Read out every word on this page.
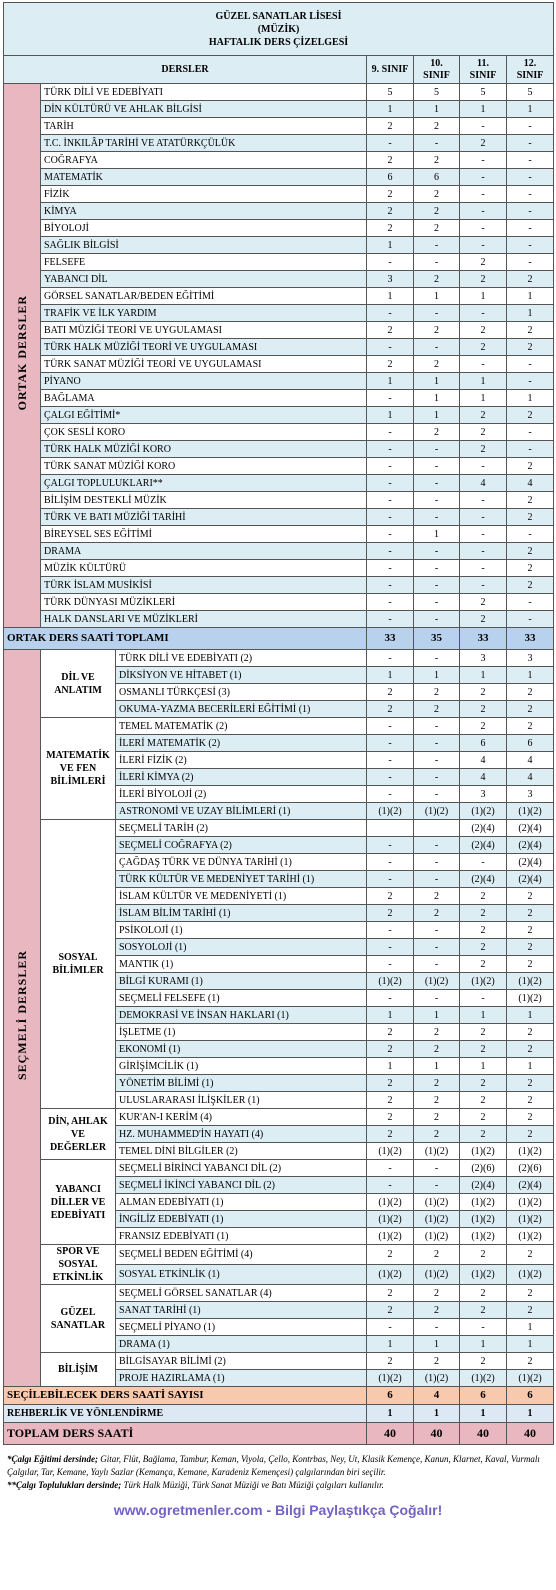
GÜZEL SANATLAR LİSESİ
(MÜZİK)
HAFTALIK DERS ÇİZELGESİ						

DERSLER			9. SINIF	10. SINIF	11. SINIF	12. SINIF
ORTAK DERSLER	TÜRK DİLİ VE EDEBİYATI		5	5	5	5
	DİN KÜLTÜRÜ VE AHLAK BİLGİSİ		1	1	1	1
	TARİH		2	2	-	-
	T.C. İNKILÂP TARİHİ VE ATATÜRKÇÜLÜK		-	-	2	-
	COĞRAFYA		2	2	-	-
	MATEMATİK		6	6	-	-
	FİZİK		2	2	-	-
	KİMYA		2	2	-	-
	BİYOLOJİ		2	2	-	-
	SAĞLIK BİLGİSİ		1	-	-	-
	FELSEFE		-	-	2	-
	YABANCI DİL		3	2	2	2
	GÖRSEL SANATLAR/BEDEN EĞİTİMİ		1	1	1	1
	TRAFİK VE İLK YARDIM		-	-	-	1
	BATI MÜZİĞİ TEORİ VE UYGULAMASI		2	2	2	2
	TÜRK HALK MÜZİĞİ TEORİ VE UYGULAMASI		-	-	2	2
	TÜRK SANAT MÜZİĞİ TEORİ VE UYGULAMASI		2	2	-	-
	PİYANO		1	1	1	-
	BAĞLAMA		-	1	1	1
	ÇALGI EĞİTİMİ*		1	1	2	2
	ÇOK SESLİ KORO		-	2	2	-
	TÜRK HALK MÜZİĞİ KORO		-	-	2	-
	TÜRK SANAT MÜZİĞİ KORO		-	-	-	2
	ÇALGI TOPLULUKLARI**		-	-	4	4
	BİLİŞİM DESTEKLİ MÜZİK		-	-	-	2
	TÜRK VE BATI MÜZİĞİ TARİHİ		-	-	-	2
	BİREYSEL SES EĞİTİMİ		-	1	-	-
	DRAMA		-	-	-	2
	MÜZİK KÜLTÜRÜ		-	-	-	2
	TÜRK İSLAM MUSİKİSİ		-	-	-	2
	TÜRK DÜNYASI MÜZİKLERİ		-	-	2	-
	HALK DANSLARI VE MÜZİKLERİ		-	-	2	-
ORTAK DERS SAATİ TOPLAMI			33	35	33	33
SEÇMELİ DERSLER	DİL VE ANLATIM	TÜRK DİLİ VE EDEBİYATI (2)	-	-	3	3
		DİKSİYON VE HİTABET (1)	1	1	1	1
		OSMANLI TÜRKÇESİ (3)	2	2	2	2
		OKUMA-YAZMA BECERİLERİ EĞİTİMİ (1)	2	2	2	2
	MATEMATİK VE FEN BİLİMLERİ	TEMEL MATEMATİK (2)	-	-	2	2
		İLERİ MATEMATİK (2)	-	-	6	6
		İLERİ FİZİK (2)	-	-	4	4
		İLERİ KİMYA (2)	-	-	4	4
		İLERİ BİYOLOJİ (2)	-	-	3	3
		ASTRONOMİ VE UZAY BİLİMLERİ (1)	(1)(2)	(1)(2)	(1)(2)	(1)(2)
	SOSYAL BİLİMLER	SEÇMELİ TARİH (2)			(2)(4)	(2)(4)
		SEÇMELİ COĞRAFYA (2)	-	-	(2)(4)	(2)(4)
		ÇAĞDAŞ TÜRK VE DÜNYA TARİHİ (1)	-	-	-	(2)(4)
		TÜRK KÜLTÜR VE MEDENİYET TARİHİ (1)	-	-	(2)(4)	(2)(4)
		İSLAM KÜLTÜR VE MEDENİYETİ (1)	2	2	2	2
		İSLAM BİLİM TARİHİ (1)	2	2	2	2
		PSİKOLOJİ (1)	-	-	2	2
		SOSYOLOJİ (1)	-	-	2	2
		MANTIK (1)	-	-	2	2
		BİLGİ KURAMI (1)	(1)(2)	(1)(2)	(1)(2)	(1)(2)
		SEÇMELİ FELSEFE (1)	-	-	-	(1)(2)
		DEMOKRASİ VE İNSAN HAKLARI (1)	1	1	1	1
		İŞLETME (1)	2	2	2	2
		EKONOMİ (1)	2	2	2	2
		GİRİŞİMCİLİK (1)	1	1	1	1
		YÖNETİM BİLİMİ (1)	2	2	2	2
		ULUSLARARASI İLİŞKİLER (1)	2	2	2	2
	DİN, AHLAK VE DEĞERLER	KUR'AN-I KERİM (4)	2	2	2	2
		HZ. MUHAMMED'İN HAYATI (4)	2	2	2	2
		TEMEL DİNİ BİLGİLER (2)	(1)(2)	(1)(2)	(1)(2)	(1)(2)
	YABANCI DİLLER VE EDEBİYATI	SEÇMELİ BİRİNCİ YABANCI DİL (2)	-	-	(2)(6)	(2)(6)
		SEÇMELİ İKİNCİ YABANCI DİL (2)	-	-	(2)(4)	(2)(4)
		ALMAN EDEBİYATI (1)	(1)(2)	(1)(2)	(1)(2)	(1)(2)
		İNGİLİZ EDEBİYATI (1)	(1)(2)	(1)(2)	(1)(2)	(1)(2)
		FRANSIZ EDEBİYATI (1)	(1)(2)	(1)(2)	(1)(2)	(1)(2)
	SPOR VE SOSYAL ETKİNLİK	SEÇMELİ BEDEN EĞİTİMİ (4)	2	2	2	2
		SOSYAL ETKİNLİK (1)	(1)(2)	(1)(2)	(1)(2)	(1)(2)
	GÜZEL SANATLAR	SEÇMELİ GÖRSEL SANATLAR (4)	2	2	2	2
		SANAT TARİHİ (1)	2	2	2	2
		SEÇMELİ PİYANO (1)	-	-	-	1
		DRAMA (1)	1	1	1	1
	BİLİŞİM	BİLGİSAYAR BİLİMİ (2)	2	2	2	2
		PROJE HAZIRLAMA (1)	(1)(2)	(1)(2)	(1)(2)	(1)(2)
SEÇİLEBİLECEK DERS SAATİ SAYISI			6	4	6	6
REHBERLİK VE YÖNLENDİRME			1	1	1	1
TOPLAM DERS SAATİ			40	40	40	40
*Çalgı Eğitimi dersinde; Gitar, Flüt, Bağlama, Tambur, Keman, Viyola, Çello, Kontrbas, Ney, Ut, Klasik Kemençe, Kanun, Klarnet, Kaval, Vurmalı Çalgılar, Tar, Kemane, Yaylı Sazlar (Kemança, Kemane, Karadeniz Kemençesi) çalgılarından biri seçilir.
**Çalgı Toplulukları dersinde; Türk Halk Müziği, Türk Sanat Müziği ve Batı Müziği çalgıları kullanılır.
www.ogretmenler.com - Bilgi Paylaştıkça Çoğalır!
